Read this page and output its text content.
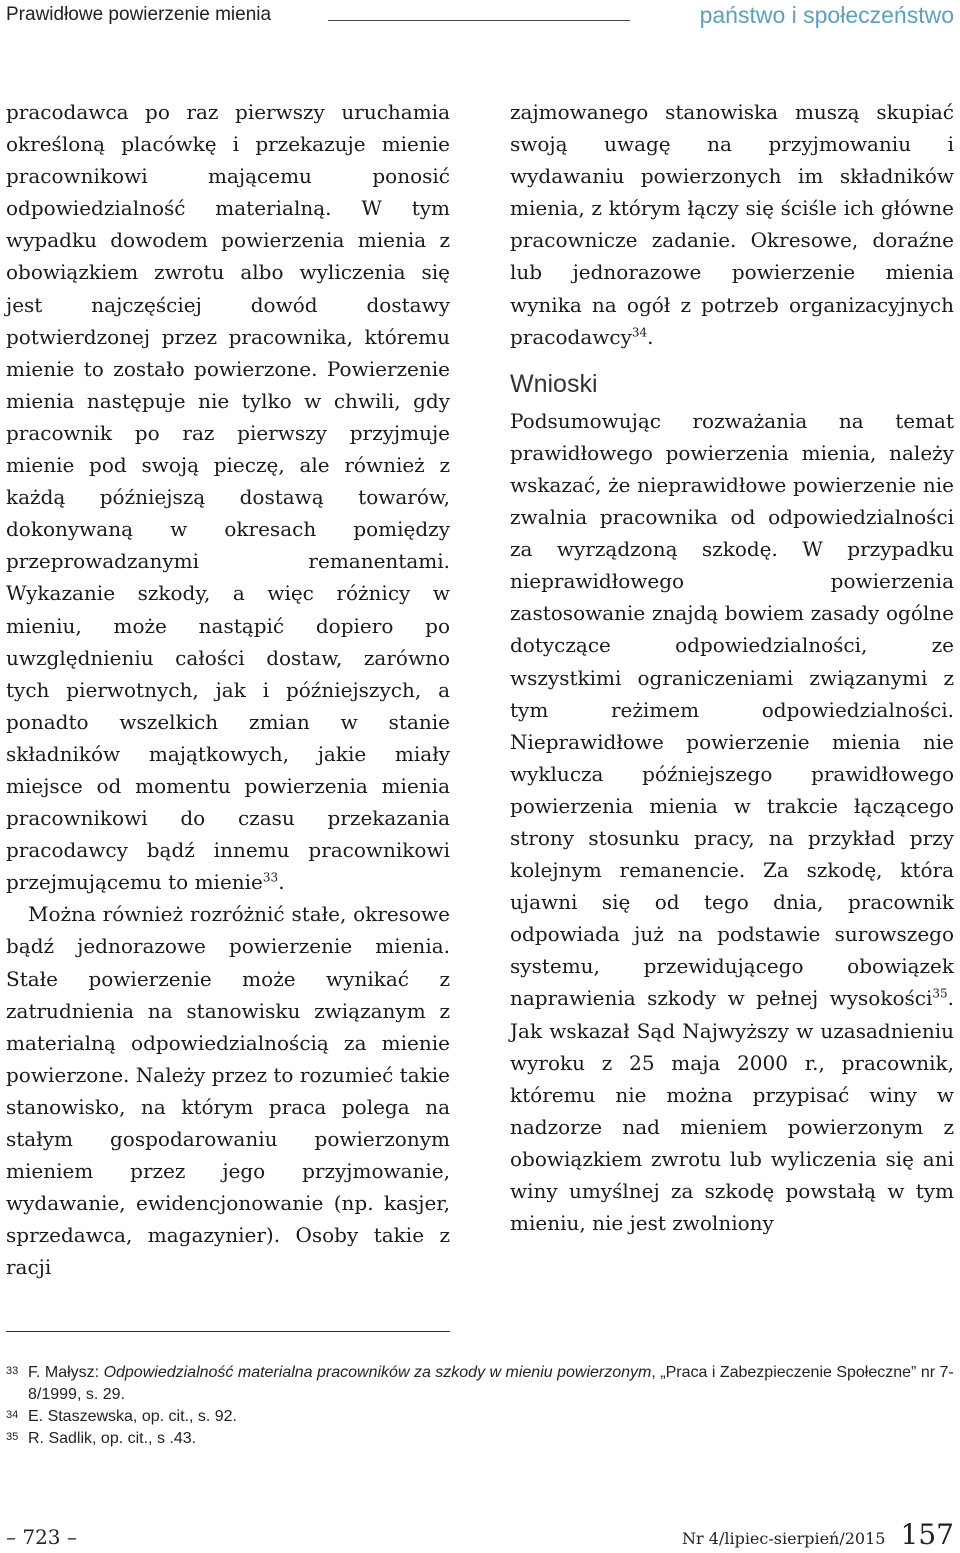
Prawidłowe powierzenie mienia	państwo i społeczeństwo

pracodawca po raz pierwszy uruchamia określoną placówkę i przekazuje mienie pracownikowi mającemu ponosić odpowiedzialność materialną. W tym wypadku dowodem powierzenia mienia z obowiązkiem zwrotu albo wyliczenia się jest najczęściej dowód dostawy potwierdzonej przez pracownika, któremu mienie to zostało powierzone. Powierzenie mienia następuje nie tylko w chwili, gdy pracownik po raz pierwszy przyjmuje mienie pod swoją pieczę, ale również z każdą późniejszą dostawą towarów, dokonywaną w okresach pomiędzy przeprowadzanymi remanentami. Wykazanie szkody, a więc różnicy w mieniu, może nastąpić dopiero po uwzględnieniu całości dostaw, zarówno tych pierwotnych, jak i późniejszych, a ponadto wszelkich zmian w stanie składników majątkowych, jakie miały miejsce od momentu powierzenia mienia pracownikowi do czasu przekazania pracodawcy bądź innemu pracownikowi przejmującemu to mienie$^{33}$.

Można również rozróżnić stałe, okresowe bądź jednorazowe powierzenie mienia. Stałe powierzenie może wynikać z zatrudnienia na stanowisku związanym z materialną odpowiedzialnością za mienie powierzone. Należy przez to rozumieć takie stanowisko, na którym praca polega na stałym gospodarowaniu powierzonym mieniem przez jego przyjmowanie, wydawanie, ewidencjonowanie (np. kasjer, sprzedawca, magazynier). Osoby takie z racji

zajmowanego stanowiska muszą skupiać swoją uwagę na przyjmowaniu i wydawaniu powierzonych im składników mienia, z którym łączy się ściśle ich główne pracownicze zadanie. Okresowe, doraźne lub jednorazowe powierzenie mienia wynika na ogół z potrzeb organizacyjnych pracodawcy$^{34}$.

Wnioski

Podsumowując rozważania na temat prawidłowego powierzenia mienia, należy wskazać, że nieprawidłowe powierzenie nie zwalnia pracownika od odpowiedzialności za wyrządzoną szkodę. W przypadku nieprawidłowego powierzenia zastosowanie znajdą bowiem zasady ogólne dotyczące odpowiedzialności, ze wszystkimi ograniczeniami związanymi z tym reżimem odpowiedzialności. Nieprawidłowe powierzenie mienia nie wyklucza późniejszego prawidłowego powierzenia mienia w trakcie łączącego strony stosunku pracy, na przykład przy kolejnym remanencie. Za szkodę, która ujawni się od tego dnia, pracownik odpowiada już na podstawie surowszego systemu, przewidującego obowiązek naprawienia szkody w pełnej wysokości$^{35}$. Jak wskazał Sąd Najwyższy w uzasadnieniu wyroku z 25 maja 2000 r., pracownik, któremu nie można przypisać winy w nadzorze nad mieniem powierzonym z obowiązkiem zwrotu lub wyliczenia się ani winy umyślnej za szkodę powstałą w tym mieniu, nie jest zwolniony

33 F. Małysz: Odpowiedzialność materialna pracowników za szkody w mieniu powierzonym, „Praca i Zabezpieczenie Społeczne” nr 7-8/1999, s. 29.

34 E. Staszewska, op. cit., s. 92.

35 R. Sadlik, op. cit., s .43.

– 723 –	Nr 4/lipiec-sierpień/2015 157
